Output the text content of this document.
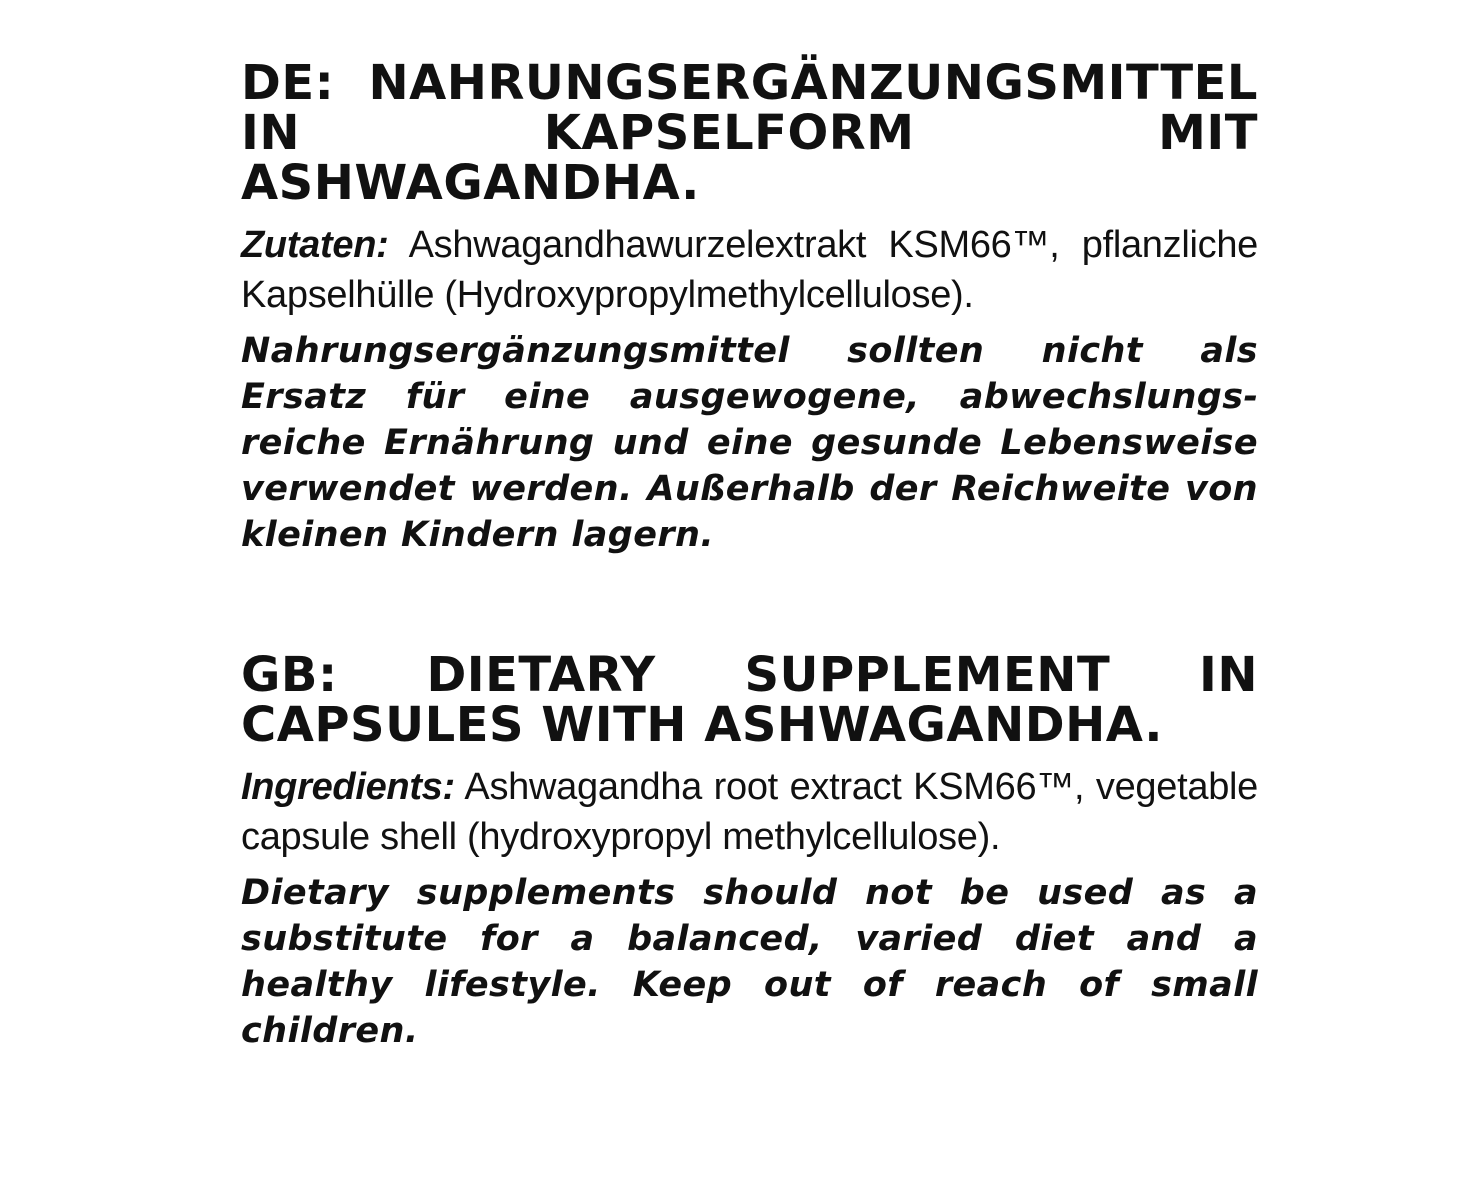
DE: NAHRUNGSERGÄNZUNGSMITTEL IN KAPSELFORM MIT ASHWAGANDHA.

Zutaten: Ashwagandhawurzelextrakt KSM66™, pflanzliche Kapselhülle (Hydroxypropylmethylcellulose).

Nahrungsergänzungsmittel sollten nicht als Ersatz für eine ausgewogene, abwechslungsreiche Ernährung und eine gesunde Lebensweise verwendet werden. Außerhalb der Reichweite von kleinen Kindern lagern.

GB: DIETARY SUPPLEMENT IN CAPSULES WITH ASHWAGANDHA.

Ingredients: Ashwagandha root extract KSM66™, vegetable capsule shell (hydroxypropyl methylcellulose).

Dietary supplements should not be used as a substitute for a balanced, varied diet and a healthy lifestyle. Keep out of reach of small children.
